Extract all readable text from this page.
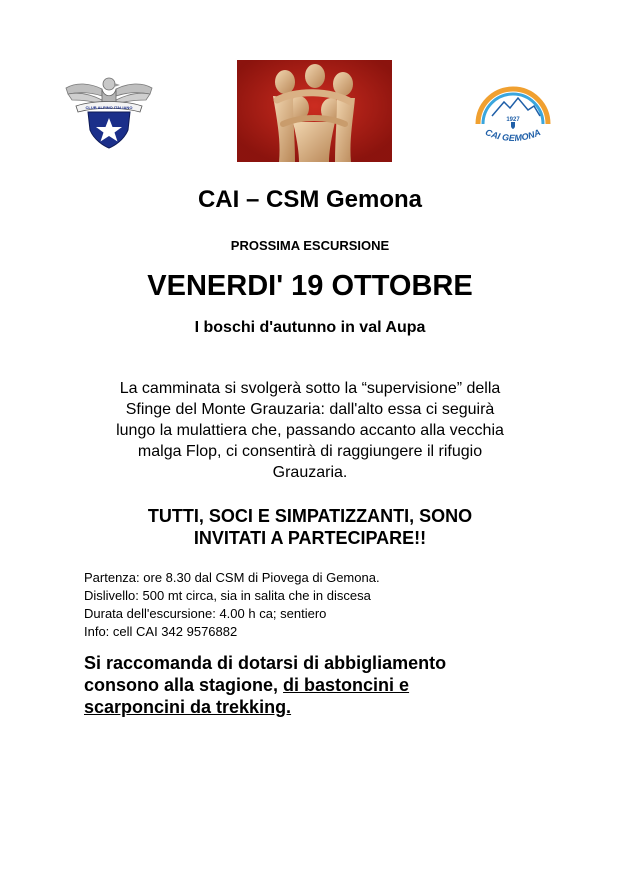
CLUB ALPINO ITALIANO
1927
CAI GEMONA
CAI – CSM Gemona
PROSSIMA ESCURSIONE
VENERDI' 19 OTTOBRE
I boschi d'autunno in val Aupa
La camminata si svolgerà sotto la “supervisione” della
Sfinge del Monte Grauzaria: dall'alto essa ci seguirà
lungo la mulattiera che, passando accanto alla vecchia
malga Flop, ci consentirà di raggiungere il rifugio
Grauzaria.
TUTTI, SOCI E SIMPATIZZANTI, SONO
INVITATI A PARTECIPARE!!
Partenza: ore 8.30 dal CSM di Piovega di Gemona.
Dislivello: 500 mt circa, sia in salita che in discesa
Durata dell'escursione: 4.00 h ca; sentiero
Info: cell CAI 342 9576882
Si raccomanda di dotarsi di abbigliamento
consono alla stagione, di bastoncini e
scarponcini da trekking.
